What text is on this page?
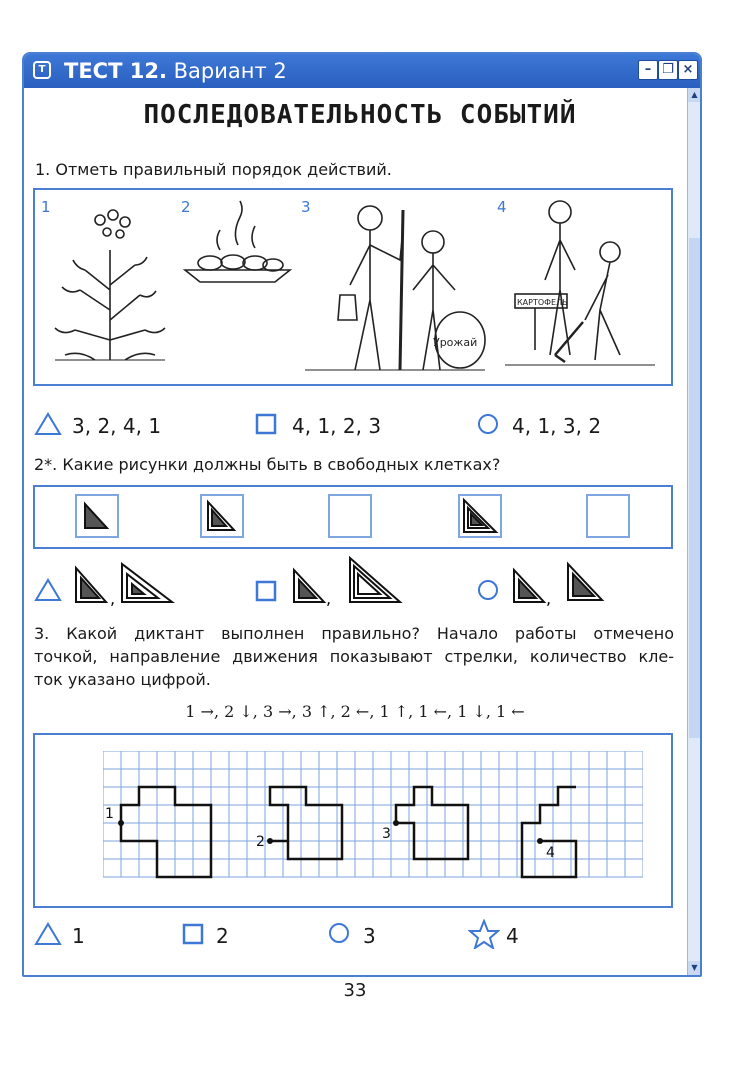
T ТЕСТ 12. Вариант 2	– ❐ ×
▲
▼
ПОСЛЕДОВАТЕЛЬНОСТЬ СОБЫТИЙ
1. Отметь правильный порядок действий.
1	2	3	4
Урожай
КАРТОФЕЛЬ
3, 2, 4, 1	4, 1, 2, 3	4, 1, 3, 2
2*. Какие рисунки должны быть в свободных клетках?
,	,	,
3. Какой диктант выполнен правильно? Начало работы отмечено
точкой, направление движения показывают стрелки, количество кле-
ток указано цифрой.
1 →, 2 ↓, 3 →, 3 ↑, 2 ←, 1 ↑, 1 ←, 1 ↓, 1 ←
1
2	3
4
1	2	3	4
33
